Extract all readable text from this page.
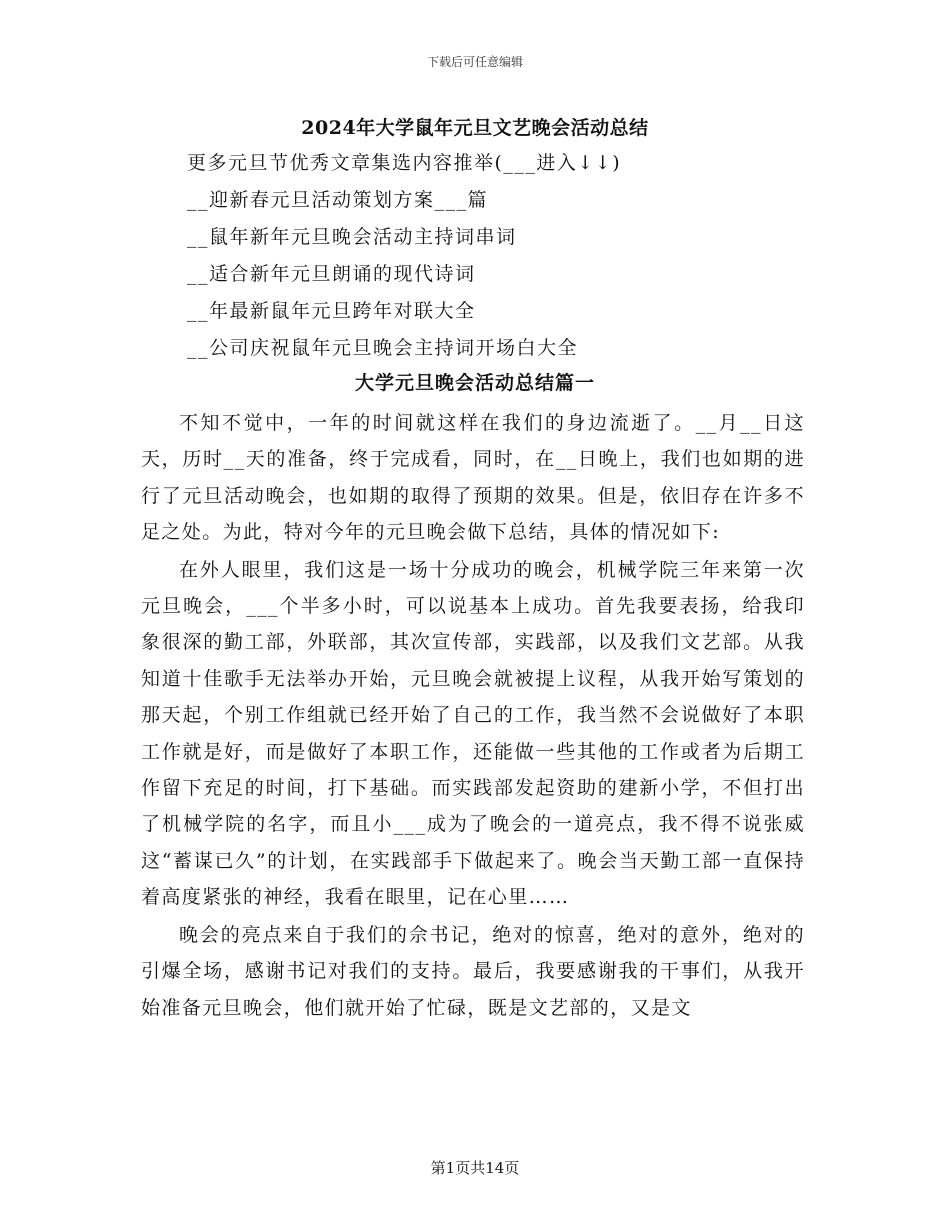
下载后可任意编辑
2024年大学鼠年元旦文艺晚会活动总结
更多元旦节优秀文章集选内容推举(___进入↓↓)
__迎新春元旦活动策划方案___篇
__鼠年新年元旦晚会活动主持词串词
__适合新年元旦朗诵的现代诗词
__年最新鼠年元旦跨年对联大全
__公司庆祝鼠年元旦晚会主持词开场白大全
大学元旦晚会活动总结篇一

不知不觉中，一年的时间就这样在我们的身边流逝了。__月__日这天，历时__天的准备，终于完成看，同时，在__日晚上，我们也如期的进行了元旦活动晚会，也如期的取得了预期的效果。但是，依旧存在许多不足之处。为此，特对今年的元旦晚会做下总结，具体的情况如下:

在外人眼里，我们这是一场十分成功的晚会，机械学院三年来第一次元旦晚会，___个半多小时，可以说基本上成功。首先我要表扬，给我印象很深的勤工部，外联部，其次宣传部，实践部，以及我们文艺部。从我知道十佳歌手无法举办开始，元旦晚会就被提上议程，从我开始写策划的那天起，个别工作组就已经开始了自己的工作，我当然不会说做好了本职工作就是好，而是做好了本职工作，还能做一些其他的工作或者为后期工作留下充足的时间，打下基础。而实践部发起资助的建新小学，不但打出了机械学院的名字，而且小___成为了晚会的一道亮点，我不得不说张威这“蓄谋已久”的计划，在实践部手下做起来了。晚会当天勤工部一直保持着高度紧张的神经，我看在眼里，记在心里……

晚会的亮点来自于我们的佘书记，绝对的惊喜，绝对的意外，绝对的引爆全场，感谢书记对我们的支持。最后，我要感谢我的干事们，从我开始准备元旦晚会，他们就开始了忙碌，既是文艺部的，又是文

第1页共14页
